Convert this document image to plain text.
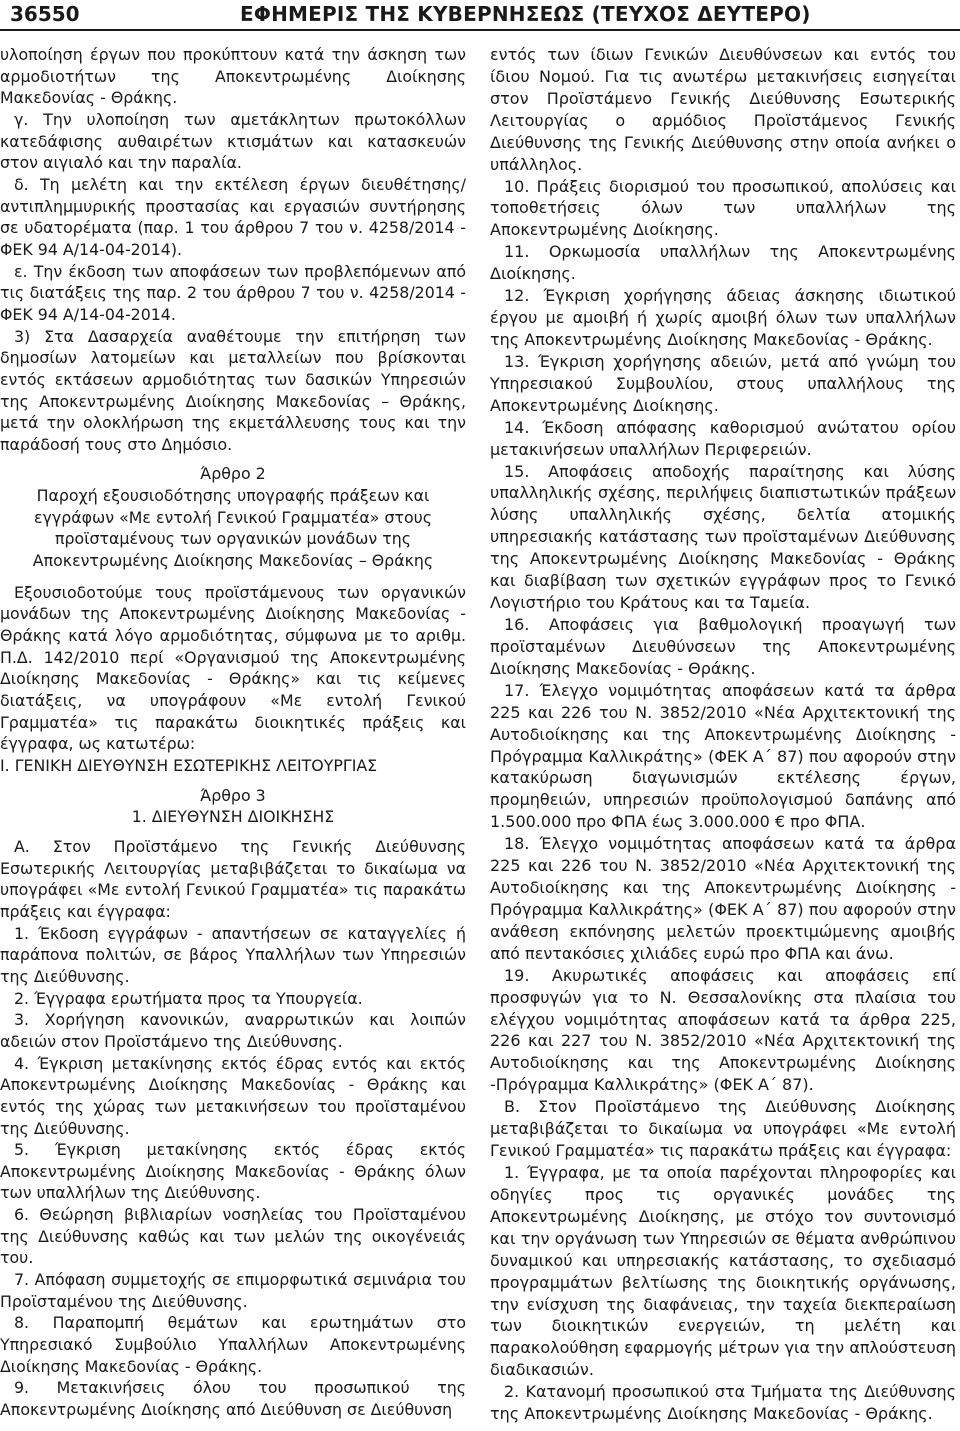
36550	ΕΦΗΜΕΡΙΣ ΤΗΣ ΚΥΒΕΡΝΗΣΕΩΣ (ΤΕΥΧΟΣ ΔΕΥΤΕΡΟ)

υλοποίηση έργων που προκύπτουν κατά την άσκηση των αρμοδιοτήτων της Αποκεντρωμένης Διοίκησης Μακεδονίας - Θράκης.

γ. Την υλοποίηση των αμετάκλητων πρωτοκόλλων κατεδάφισης αυθαιρέτων κτισμάτων και κατασκευών στον αιγιαλό και την παραλία.

δ. Τη μελέτη και την εκτέλεση έργων διευθέτησης/ αντιπλημμυρικής προστασίας και εργασιών συντήρησης σε υδατορέματα (παρ. 1 του άρθρου 7 του ν. 4258/2014 - ΦΕΚ 94 Α/14-04-2014).

ε. Την έκδοση των αποφάσεων των προβλεπόμενων από τις διατάξεις της παρ. 2 του άρθρου 7 του ν. 4258/2014 - ΦΕΚ 94 Α/14-04-2014.

3) Στα Δασαρχεία αναθέτουμε την επιτήρηση των δημοσίων λατομείων και μεταλλείων που βρίσκονται εντός εκτάσεων αρμοδιότητας των δασικών Υπηρεσιών της Αποκεντρωμένης Διοίκησης Μακεδονίας – Θράκης, μετά την ολοκλήρωση της εκμετάλλευσης τους και την παράδοσή τους στο Δημόσιο.

Άρθρο 2

Παροχή εξουσιοδότησης υπογραφής πράξεων και εγγράφων «Με εντολή Γενικού Γραμματέα» στους προϊσταμένους των οργανικών μονάδων της Αποκεντρωμένης Διοίκησης Μακεδονίας – Θράκης

Εξουσιοδοτούμε τους προϊστάμενους των οργανικών μονάδων της Αποκεντρωμένης Διοίκησης Μακεδονίας - Θράκης κατά λόγο αρμοδιότητας, σύμφωνα με το αριθμ. Π.Δ. 142/2010 περί «Οργανισμού της Αποκεντρωμένης Διοίκησης Μακεδονίας - Θράκης» και τις κείμενες διατάξεις, να υπογράφουν «Με εντολή Γενικού Γραμματέα» τις παρακάτω διοικητικές πράξεις και έγγραφα, ως κατωτέρω:

Ι. ΓΕΝΙΚΗ ΔΙΕΥΘΥΝΣΗ ΕΣΩΤΕΡΙΚΗΣ ΛΕΙΤΟΥΡΓΙΑΣ

Άρθρο 3

1. ΔΙΕΥΘΥΝΣΗ ΔΙΟΙΚΗΣΗΣ

Α. Στον Προϊστάμενο της Γενικής Διεύθυνσης Εσωτερικής Λειτουργίας μεταβιβάζεται το δικαίωμα να υπογράφει «Με εντολή Γενικού Γραμματέα» τις παρακάτω πράξεις και έγγραφα:

1. Έκδοση εγγράφων - απαντήσεων σε καταγγελίες ή παράπονα πολιτών, σε βάρος Υπαλλήλων των Υπηρεσιών της Διεύθυνσης.

2. Έγγραφα ερωτήματα προς τα Υπουργεία.

3. Χορήγηση κανονικών, αναρρωτικών και λοιπών αδειών στον Προϊστάμενο της Διεύθυνσης.

4. Έγκριση μετακίνησης εκτός έδρας εντός και εκτός Αποκεντρωμένης Διοίκησης Μακεδονίας - Θράκης και εντός της χώρας των μετακινήσεων του προϊσταμένου της Διεύθυνσης.

5. Έγκριση μετακίνησης εκτός έδρας εκτός Αποκεντρωμένης Διοίκησης Μακεδονίας - Θράκης όλων των υπαλλήλων της Διεύθυνσης.

6. Θεώρηση βιβλιαρίων νοσηλείας του Προϊσταμένου της Διεύθυνσης καθώς και των μελών της οικογένειάς του.

7. Απόφαση συμμετοχής σε επιμορφωτικά σεμινάρια του Προϊσταμένου της Διεύθυνσης.

8. Παραπομπή θεμάτων και ερωτημάτων στο Υπηρεσιακό Συμβούλιο Υπαλλήλων Αποκεντρωμένης Διοίκησης Μακεδονίας - Θράκης.

9. Μετακινήσεις όλου του προσωπικού της Αποκεντρωμένης Διοίκησης από Διεύθυνση σε Διεύθυνση

εντός των ίδιων Γενικών Διευθύνσεων και εντός του ίδιου Νομού. Για τις ανωτέρω μετακινήσεις εισηγείται στον Προϊστάμενο Γενικής Διεύθυνσης Εσωτερικής Λειτουργίας ο αρμόδιος Προϊστάμενος Γενικής Διεύθυνσης της Γενικής Διεύθυνσης στην οποία ανήκει ο υπάλληλος.

10. Πράξεις διορισμού του προσωπικού, απολύσεις και τοποθετήσεις όλων των υπαλλήλων της Αποκεντρωμένης Διοίκησης.

11. Ορκωμοσία υπαλλήλων της Αποκεντρωμένης Διοίκησης.

12. Έγκριση χορήγησης άδειας άσκησης ιδιωτικού έργου με αμοιβή ή χωρίς αμοιβή όλων των υπαλλήλων της Αποκεντρωμένης Διοίκησης Μακεδονίας - Θράκης.

13. Έγκριση χορήγησης αδειών, μετά από γνώμη του Υπηρεσιακού Συμβουλίου, στους υπαλλήλους της Αποκεντρωμένης Διοίκησης.

14. Έκδοση απόφασης καθορισμού ανώτατου ορίου μετακινήσεων υπαλλήλων Περιφερειών.

15. Αποφάσεις αποδοχής παραίτησης και λύσης υπαλληλικής σχέσης, περιλήψεις διαπιστωτικών πράξεων λύσης υπαλληλικής σχέσης, δελτία ατομικής υπηρεσιακής κατάστασης των προϊσταμένων Διεύθυνσης της Αποκεντρωμένης Διοίκησης Μακεδονίας - Θράκης και διαβίβαση των σχετικών εγγράφων προς το Γενικό Λογιστήριο του Κράτους και τα Ταμεία.

16. Αποφάσεις για βαθμολογική προαγωγή των προϊσταμένων Διευθύνσεων της Αποκεντρωμένης Διοίκησης Μακεδονίας - Θράκης.

17. Έλεγχο νομιμότητας αποφάσεων κατά τα άρθρα 225 και 226 του Ν. 3852/2010 «Νέα Αρχιτεκτονική της Αυτοδιοίκησης και της Αποκεντρωμένης Διοίκησης - Πρόγραμμα Καλλικράτης» (ΦΕΚ Α΄ 87) που αφορούν στην κατακύρωση διαγωνισμών εκτέλεσης έργων, προμηθειών, υπηρεσιών προϋπολογισμού δαπάνης από 1.500.000 προ ΦΠΑ έως 3.000.000 € προ ΦΠΑ.

18. Έλεγχο νομιμότητας αποφάσεων κατά τα άρθρα 225 και 226 του Ν. 3852/2010 «Νέα Αρχιτεκτονική της Αυτοδιοίκησης και της Αποκεντρωμένης Διοίκησης - Πρόγραμμα Καλλικράτης» (ΦΕΚ Α΄ 87) που αφορούν στην ανάθεση εκπόνησης μελετών προεκτιμώμενης αμοιβής από πεντακόσιες χιλιάδες ευρώ προ ΦΠΑ και άνω.

19. Ακυρωτικές αποφάσεις και αποφάσεις επί προσφυγών για το Ν. Θεσσαλονίκης στα πλαίσια του ελέγχου νομιμότητας αποφάσεων κατά τα άρθρα 225, 226 και 227 του Ν. 3852/2010 «Νέα Αρχιτεκτονική της Αυτοδιοίκησης και της Αποκεντρωμένης Διοίκησης -Πρόγραμμα Καλλικράτης» (ΦΕΚ Α΄ 87).

Β. Στον Προϊστάμενο της Διεύθυνσης Διοίκησης μεταβιβάζεται το δικαίωμα να υπογράφει «Με εντολή Γενικού Γραμματέα» τις παρακάτω πράξεις και έγγραφα:

1. Έγγραφα, με τα οποία παρέχονται πληροφορίες και οδηγίες προς τις οργανικές μονάδες της Αποκεντρωμένης Διοίκησης, με στόχο τον συντονισμό και την οργάνωση των Υπηρεσιών σε θέματα ανθρώπινου δυναμικού και υπηρεσιακής κατάστασης, το σχεδιασμό προγραμμάτων βελτίωσης της διοικητικής οργάνωσης, την ενίσχυση της διαφάνειας, την ταχεία διεκπεραίωση των διοικητικών ενεργειών, τη μελέτη και παρακολούθηση εφαρμογής μέτρων για την απλούστευση διαδικασιών.

2. Κατανομή προσωπικού στα Τμήματα της Διεύθυνσης της Αποκεντρωμένης Διοίκησης Μακεδονίας - Θράκης.
